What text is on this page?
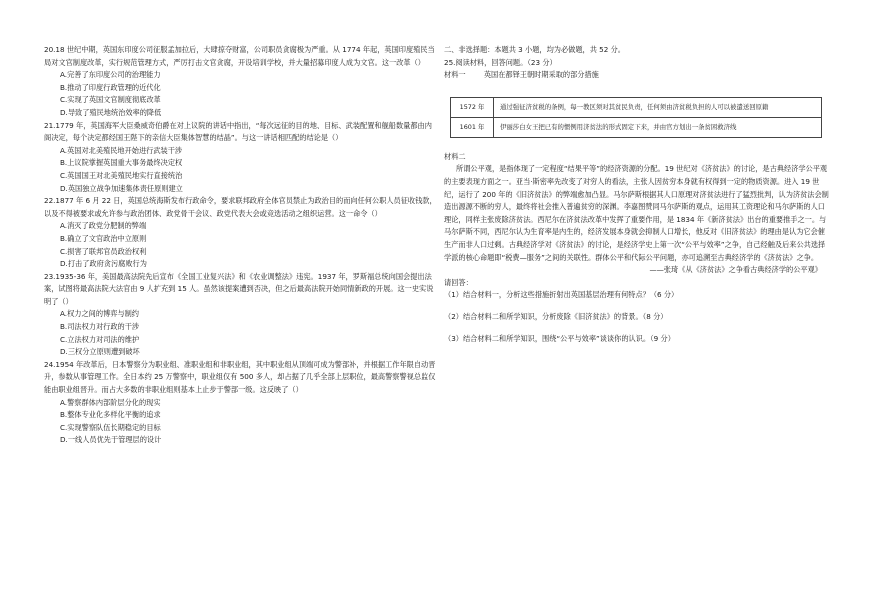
20.18 世纪中期，英国东印度公司征服孟加拉后，大肆掠夺财富，公司职员贪腐极为严重。从 1774 年起，英国印度殖民当局对文官制度改革，实行规范管理方式，严厉打击文官贪腐，开设培训学校，并大量招募印度人成为文官。这一改革（）

A.完善了东印度公司的治理能力

B.推动了印度行政管理的近代化

C.实现了英国文官制度彻底改革

D.导致了殖民地统治效率的降低

21.1779 年，英国海军大臣桑威奇伯爵在对上议院的讲话中指出，“每次远征的目的地、目标、武装配置和舰船数量都由内阁决定，每个决定都经国王陛下的亲信大臣集体智慧的结晶”。与这一讲话相匹配的结论是（）

A.英国对北美殖民地开始进行武装干涉

B.上议院掌握英国重大事务最终决定权

C.英国国王对北美殖民地实行直接统治

D.英国独立战争加速集体责任原则建立

22.1877 年 6 月 22 日，英国总统海斯发布行政命令，要求联邦政府全体官员禁止为政治目的而向任何公职人员征收钱款，以及不得被要求或允许参与政治团体、政党骨干会议、政党代表大会或竞选活动之组织运营。这一命令（）

A.消灭了政党分肥制的弊端

B.确立了文官政治中立原则

C.损害了联邦官员政治权利

D.打击了政府贪污腐败行为

23.1935-36 年，美国最高法院先后宣布《全国工业复兴法》和《农业调整法》违宪。1937 年，罗斯福总统向国会提出法案，试图将最高法院大法官由 9 人扩充到 15 人。虽然该提案遭到否决，但之后最高法院开始同情新政的开展。这一史实说明了（）

A.权力之间的博弈与制约

B.司法权力对行政的干涉

C.立法权力对司法的维护

D.三权分立原则遭到破坏

24.1954 年改革后，日本警察分为职业组、准职业组和非职业组，其中职业组从顶端可成为警部补，并根据工作年限自动晋升，参数从事管理工作。全日本约 25 万警察中，职业组仅有 500 多人，却占据了几乎全部上层职位，最高警察警视总监仅能由职业组晋升。而占大多数的非职业组则基本上止步于警部一级。这反映了（）

A.警察群体内部阶层分化的现实

B.整体专业化多样化平衡的追求

C.实现警察队伍长期稳定的目标

D.一线人员优先于管理层的设计

二、非选择题：本题共 3 小题，均为必做题，共 52 分。

25.阅读材料，回答问题。（23 分）

材料一	英国在都铎王朝时期采取的部分措施

1572 年	通过强征济贫税的条例，每一教区须对其贫民负责，任何须由济贫税负担的人可以被遣送回原籍
1601 年	伊丽莎白女王把已有的惯例用济贫法的形式固定下来，并由官方划出一条贫困救济线

材料二

所谓公平观，是指体现了一定程度“结果平等”的经济资源的分配。19 世纪对《济贫法》的讨论，是古典经济学公平观的主要表现方面之一。亚当·斯密率先改变了对穷人的看法，主张人因贫穷本身就有权得到一定的物质资源。进入 19 世纪，运行了 200 年的《旧济贫法》的弊端愈加凸显。马尔萨斯根据其人口原理对济贫法进行了猛烈批判，认为济贫法会制造出源源不断的穷人，最终将社会推入普遍贫穷的深渊。李嘉图赞同马尔萨斯的观点，运用其工资理论和马尔萨斯的人口理论，同样主张废除济贫法。西尼尔在济贫法改革中发挥了重要作用，是 1834 年《新济贫法》出台的重要推手之一。与马尔萨斯不同，西尼尔认为生育率是内生的，经济发展本身就会抑制人口增长，他反对《旧济贫法》的理由是认为它会催生产而非人口过剩。古典经济学对《济贫法》的讨论，是经济学史上第一次“公平与效率”之争，自己经触及后来公共选择学派的核心命题即“税费—服务”之间的关联性。群体公平和代际公平问题，亦可追溯至古典经济学的《济贫法》之争。

——张琦《从《济贫法》之争看古典经济学的公平观》

请回答：

（1）结合材料一，分析这些措施折射出英国基层治理有何特点？（6 分）

（2）结合材料二和所学知识，分析废除《旧济贫法》的背景。（8 分）

（3）结合材料二和所学知识，围绕“公平与效率”谈谈你的认识。（9 分）
